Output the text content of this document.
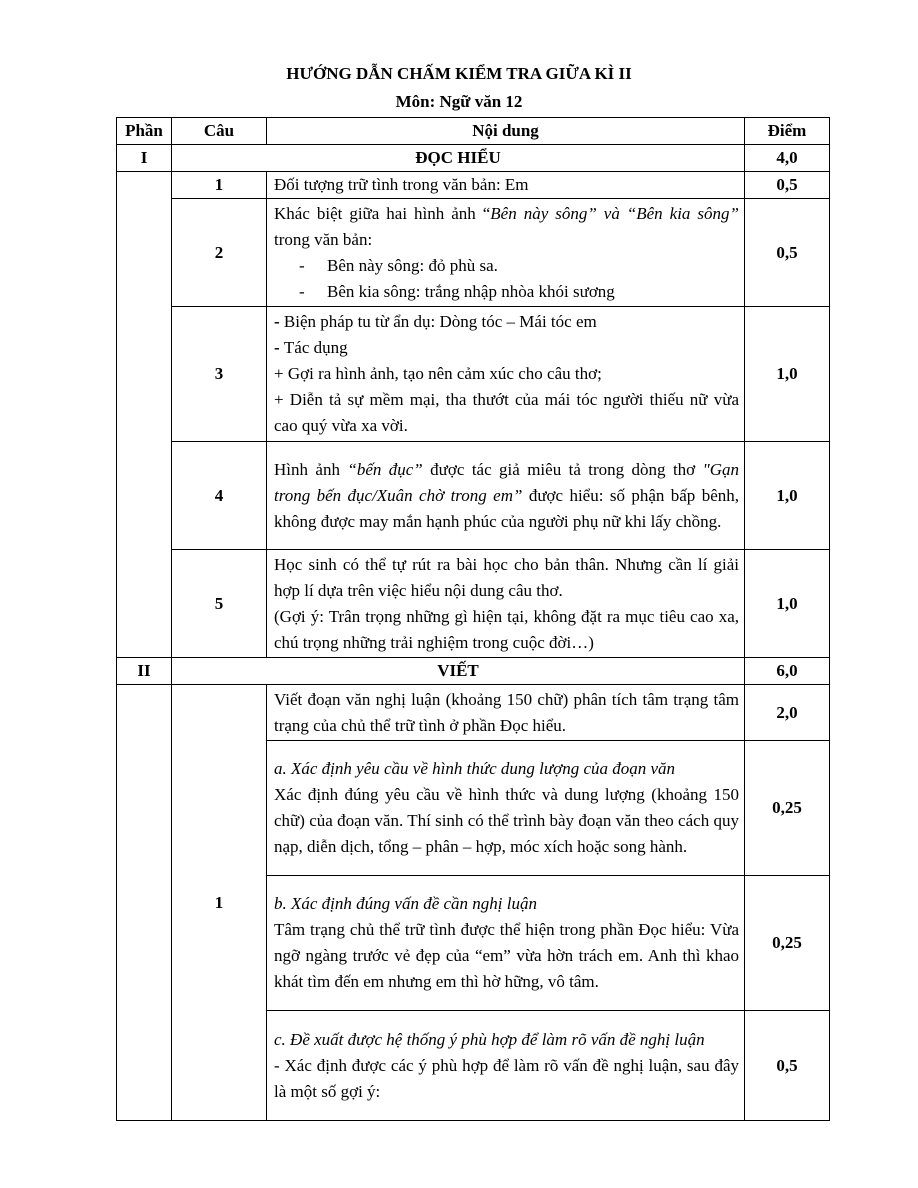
HƯỚNG DẪN CHẤM KIỂM TRA GIỮA KÌ II
Môn: Ngữ văn 12
Phần	Câu	Nội dung	Điểm
I	ĐỌC HIỂU		4,0
	1	Đối tượng trữ tình trong văn bản: Em	0,5
	2	Khác biệt giữa hai hình ảnh “Bên này sông” và “Bên kia sông” trong văn bản:
- Bên này sông: đỏ phù sa.
- Bên kia sông: trắng nhập nhòa khói sương	0,5
	3	- Biện pháp tu từ ẩn dụ: Dòng tóc – Mái tóc em
- Tác dụng
+ Gợi ra hình ảnh, tạo nên cảm xúc cho câu thơ;
+ Diễn tả sự mềm mại, tha thướt của mái tóc người thiếu nữ vừa cao quý vừa xa vời.	1,0
	4	Hình ảnh “bến đục” được tác giả miêu tả trong dòng thơ "Gạn trong bến đục/Xuân chờ trong em” được hiểu: số phận bấp bênh, không được may mắn hạnh phúc của người phụ nữ khi lấy chồng.	1,0
	5	Học sinh có thể tự rút ra bài học cho bản thân. Nhưng cần lí giải hợp lí dựa trên việc hiểu nội dung câu thơ.
(Gợi ý: Trân trọng những gì hiện tại, không đặt ra mục tiêu cao xa, chú trọng những trải nghiệm trong cuộc đời…)	1,0
II	VIẾT		6,0
	1	Viết đoạn văn nghị luận (khoảng 150 chữ) phân tích tâm trạng tâm trạng của chủ thể trữ tình ở phần Đọc hiểu.	2,0

		a. Xác định yêu cầu về hình thức dung lượng của đoạn văn
Xác định đúng yêu cầu về hình thức và dung lượng (khoảng 150 chữ) của đoạn văn. Thí sinh có thể trình bày đoạn văn theo cách quy nạp, diễn dịch, tổng – phân – hợp, móc xích hoặc song hành.	0,25

		b. Xác định đúng vấn đề cần nghị luận
Tâm trạng chủ thể trữ tình được thể hiện trong phần Đọc hiểu: Vừa ngỡ ngàng trước vẻ đẹp của “em” vừa hờn trách em. Anh thì khao khát tìm đến em nhưng em thì hờ hững, vô tâm.	0,25

		c. Đề xuất được hệ thống ý phù hợp để làm rõ vấn đề nghị luận
- Xác định được các ý phù hợp để làm rõ vấn đề nghị luận, sau đây là một số gợi ý:	0,5
